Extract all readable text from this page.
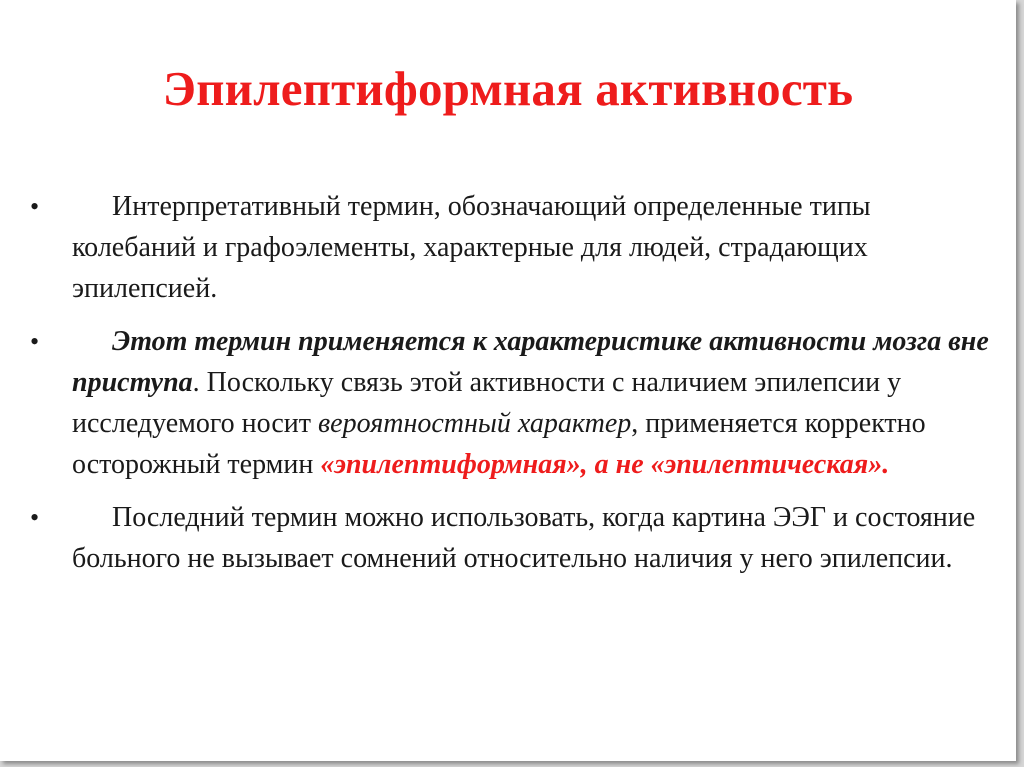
Эпилептиформная активность
•	Интерпретативный термин, обозначающий определенные типы колебаний и графоэлементы, характерные для людей, страдающих эпилепсией.
•	Этот термин применяется к характеристике активности мозга вне приступа. Поскольку связь этой активности с наличием эпилепсии у исследуемого носит вероятностный характер, применяется корректно осторожный термин «эпилептиформная», а не «эпилептическая».
•	Последний термин можно использовать, когда картина ЭЭГ и состояние больного не вызывает сомнений относительно наличия у него эпилепсии.
